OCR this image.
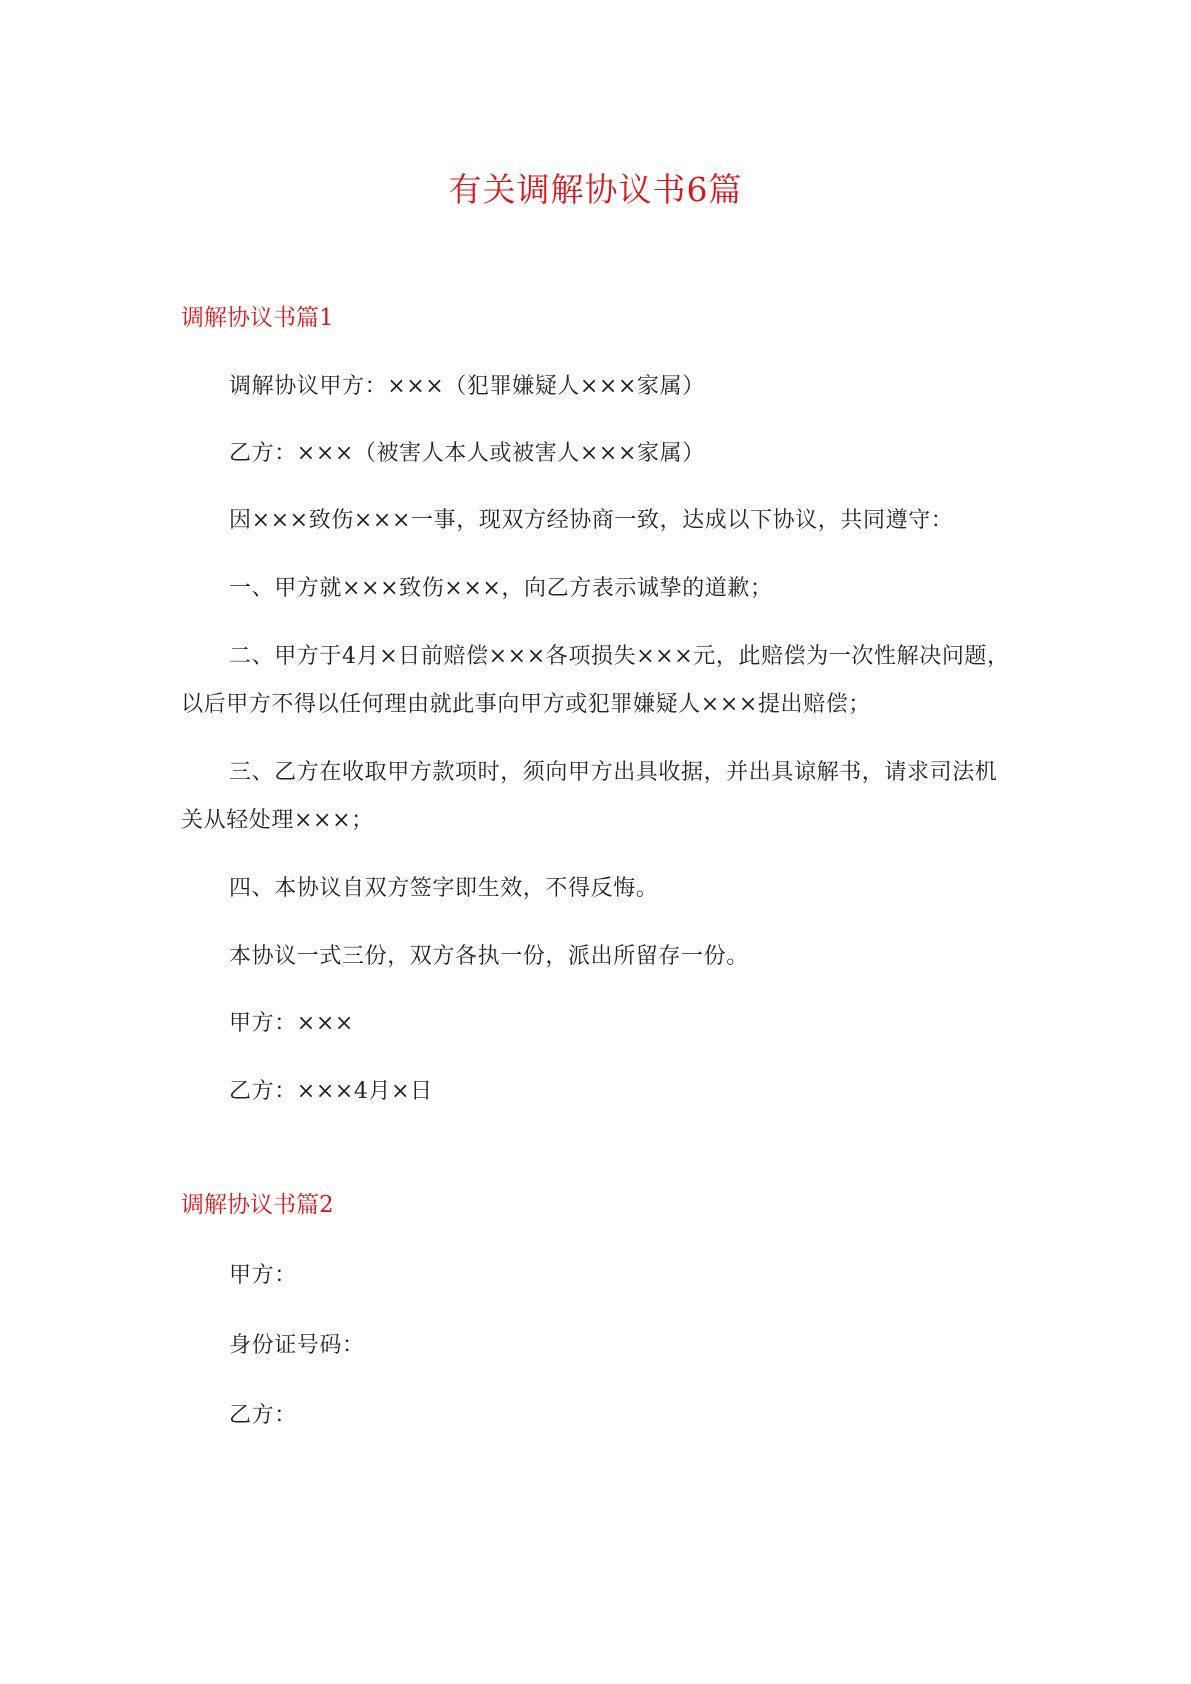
有关调解协议书6篇
调解协议书篇1

调解协议甲方：×××（犯罪嫌疑人×××家属）

乙方：×××（被害人本人或被害人×××家属）

因×××致伤×××一事，现双方经协商一致，达成以下协议，共同遵守：

一、甲方就×××致伤×××，向乙方表示诚挚的道歉；

二、甲方于4月×日前赔偿×××各项损失×××元，此赔偿为一次性解决问题，以后甲方不得以任何理由就此事向甲方或犯罪嫌疑人×××提出赔偿；

三、乙方在收取甲方款项时，须向甲方出具收据，并出具谅解书，请求司法机关从轻处理×××；

四、本协议自双方签字即生效，不得反悔。

本协议一式三份，双方各执一份，派出所留存一份。

甲方：×××

乙方：×××4月×日

调解协议书篇2

甲方：

身份证号码：

乙方：
